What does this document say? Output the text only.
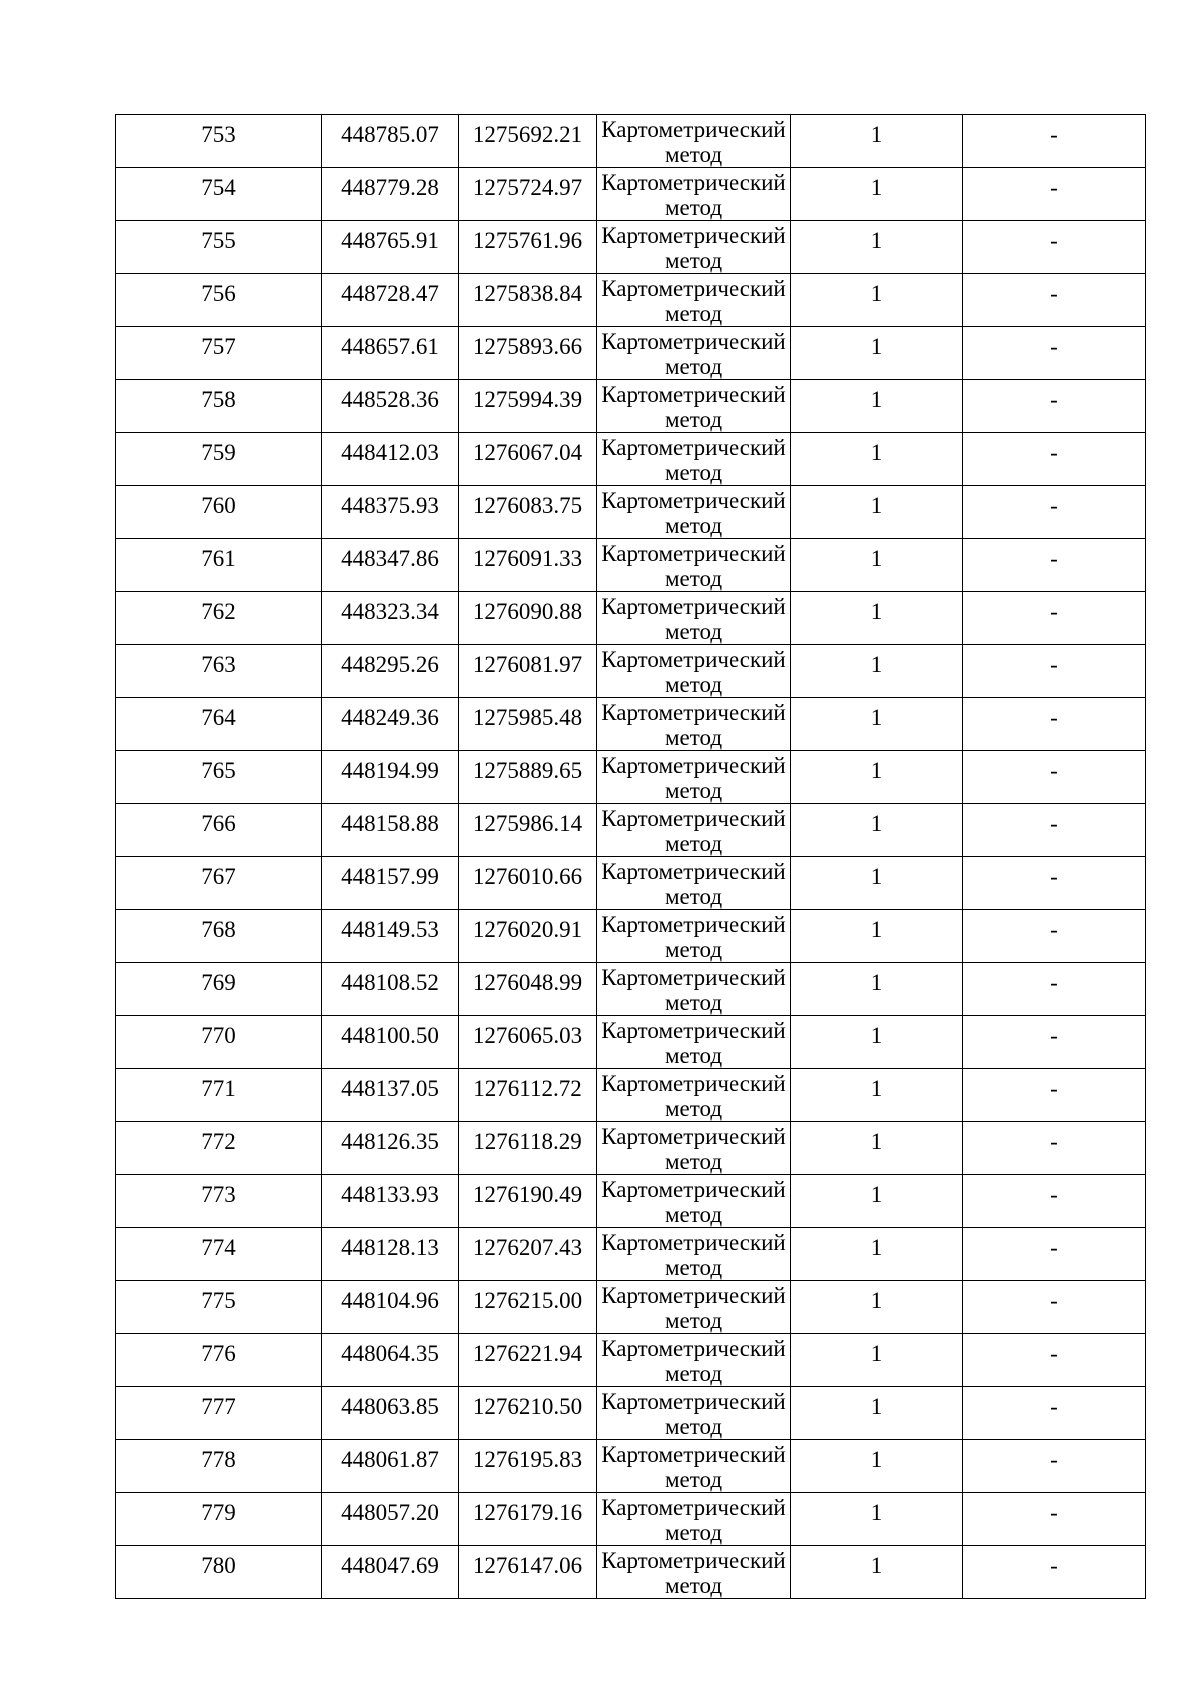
753	448785.07	1275692.21	Картометрический
метод	1	-
754	448779.28	1275724.97	Картометрический
метод	1	-
755	448765.91	1275761.96	Картометрический
метод	1	-
756	448728.47	1275838.84	Картометрический
метод	1	-
757	448657.61	1275893.66	Картометрический
метод	1	-
758	448528.36	1275994.39	Картометрический
метод	1	-
759	448412.03	1276067.04	Картометрический
метод	1	-
760	448375.93	1276083.75	Картометрический
метод	1	-
761	448347.86	1276091.33	Картометрический
метод	1	-
762	448323.34	1276090.88	Картометрический
метод	1	-
763	448295.26	1276081.97	Картометрический
метод	1	-
764	448249.36	1275985.48	Картометрический
метод	1	-
765	448194.99	1275889.65	Картометрический
метод	1	-
766	448158.88	1275986.14	Картометрический
метод	1	-
767	448157.99	1276010.66	Картометрический
метод	1	-
768	448149.53	1276020.91	Картометрический
метод	1	-
769	448108.52	1276048.99	Картометрический
метод	1	-
770	448100.50	1276065.03	Картометрический
метод	1	-
771	448137.05	1276112.72	Картометрический
метод	1	-
772	448126.35	1276118.29	Картометрический
метод	1	-
773	448133.93	1276190.49	Картометрический
метод	1	-
774	448128.13	1276207.43	Картометрический
метод	1	-
775	448104.96	1276215.00	Картометрический
метод	1	-
776	448064.35	1276221.94	Картометрический
метод	1	-
777	448063.85	1276210.50	Картометрический
метод	1	-
778	448061.87	1276195.83	Картометрический
метод	1	-
779	448057.20	1276179.16	Картометрический
метод	1	-
780	448047.69	1276147.06	Картометрический
метод	1	-
